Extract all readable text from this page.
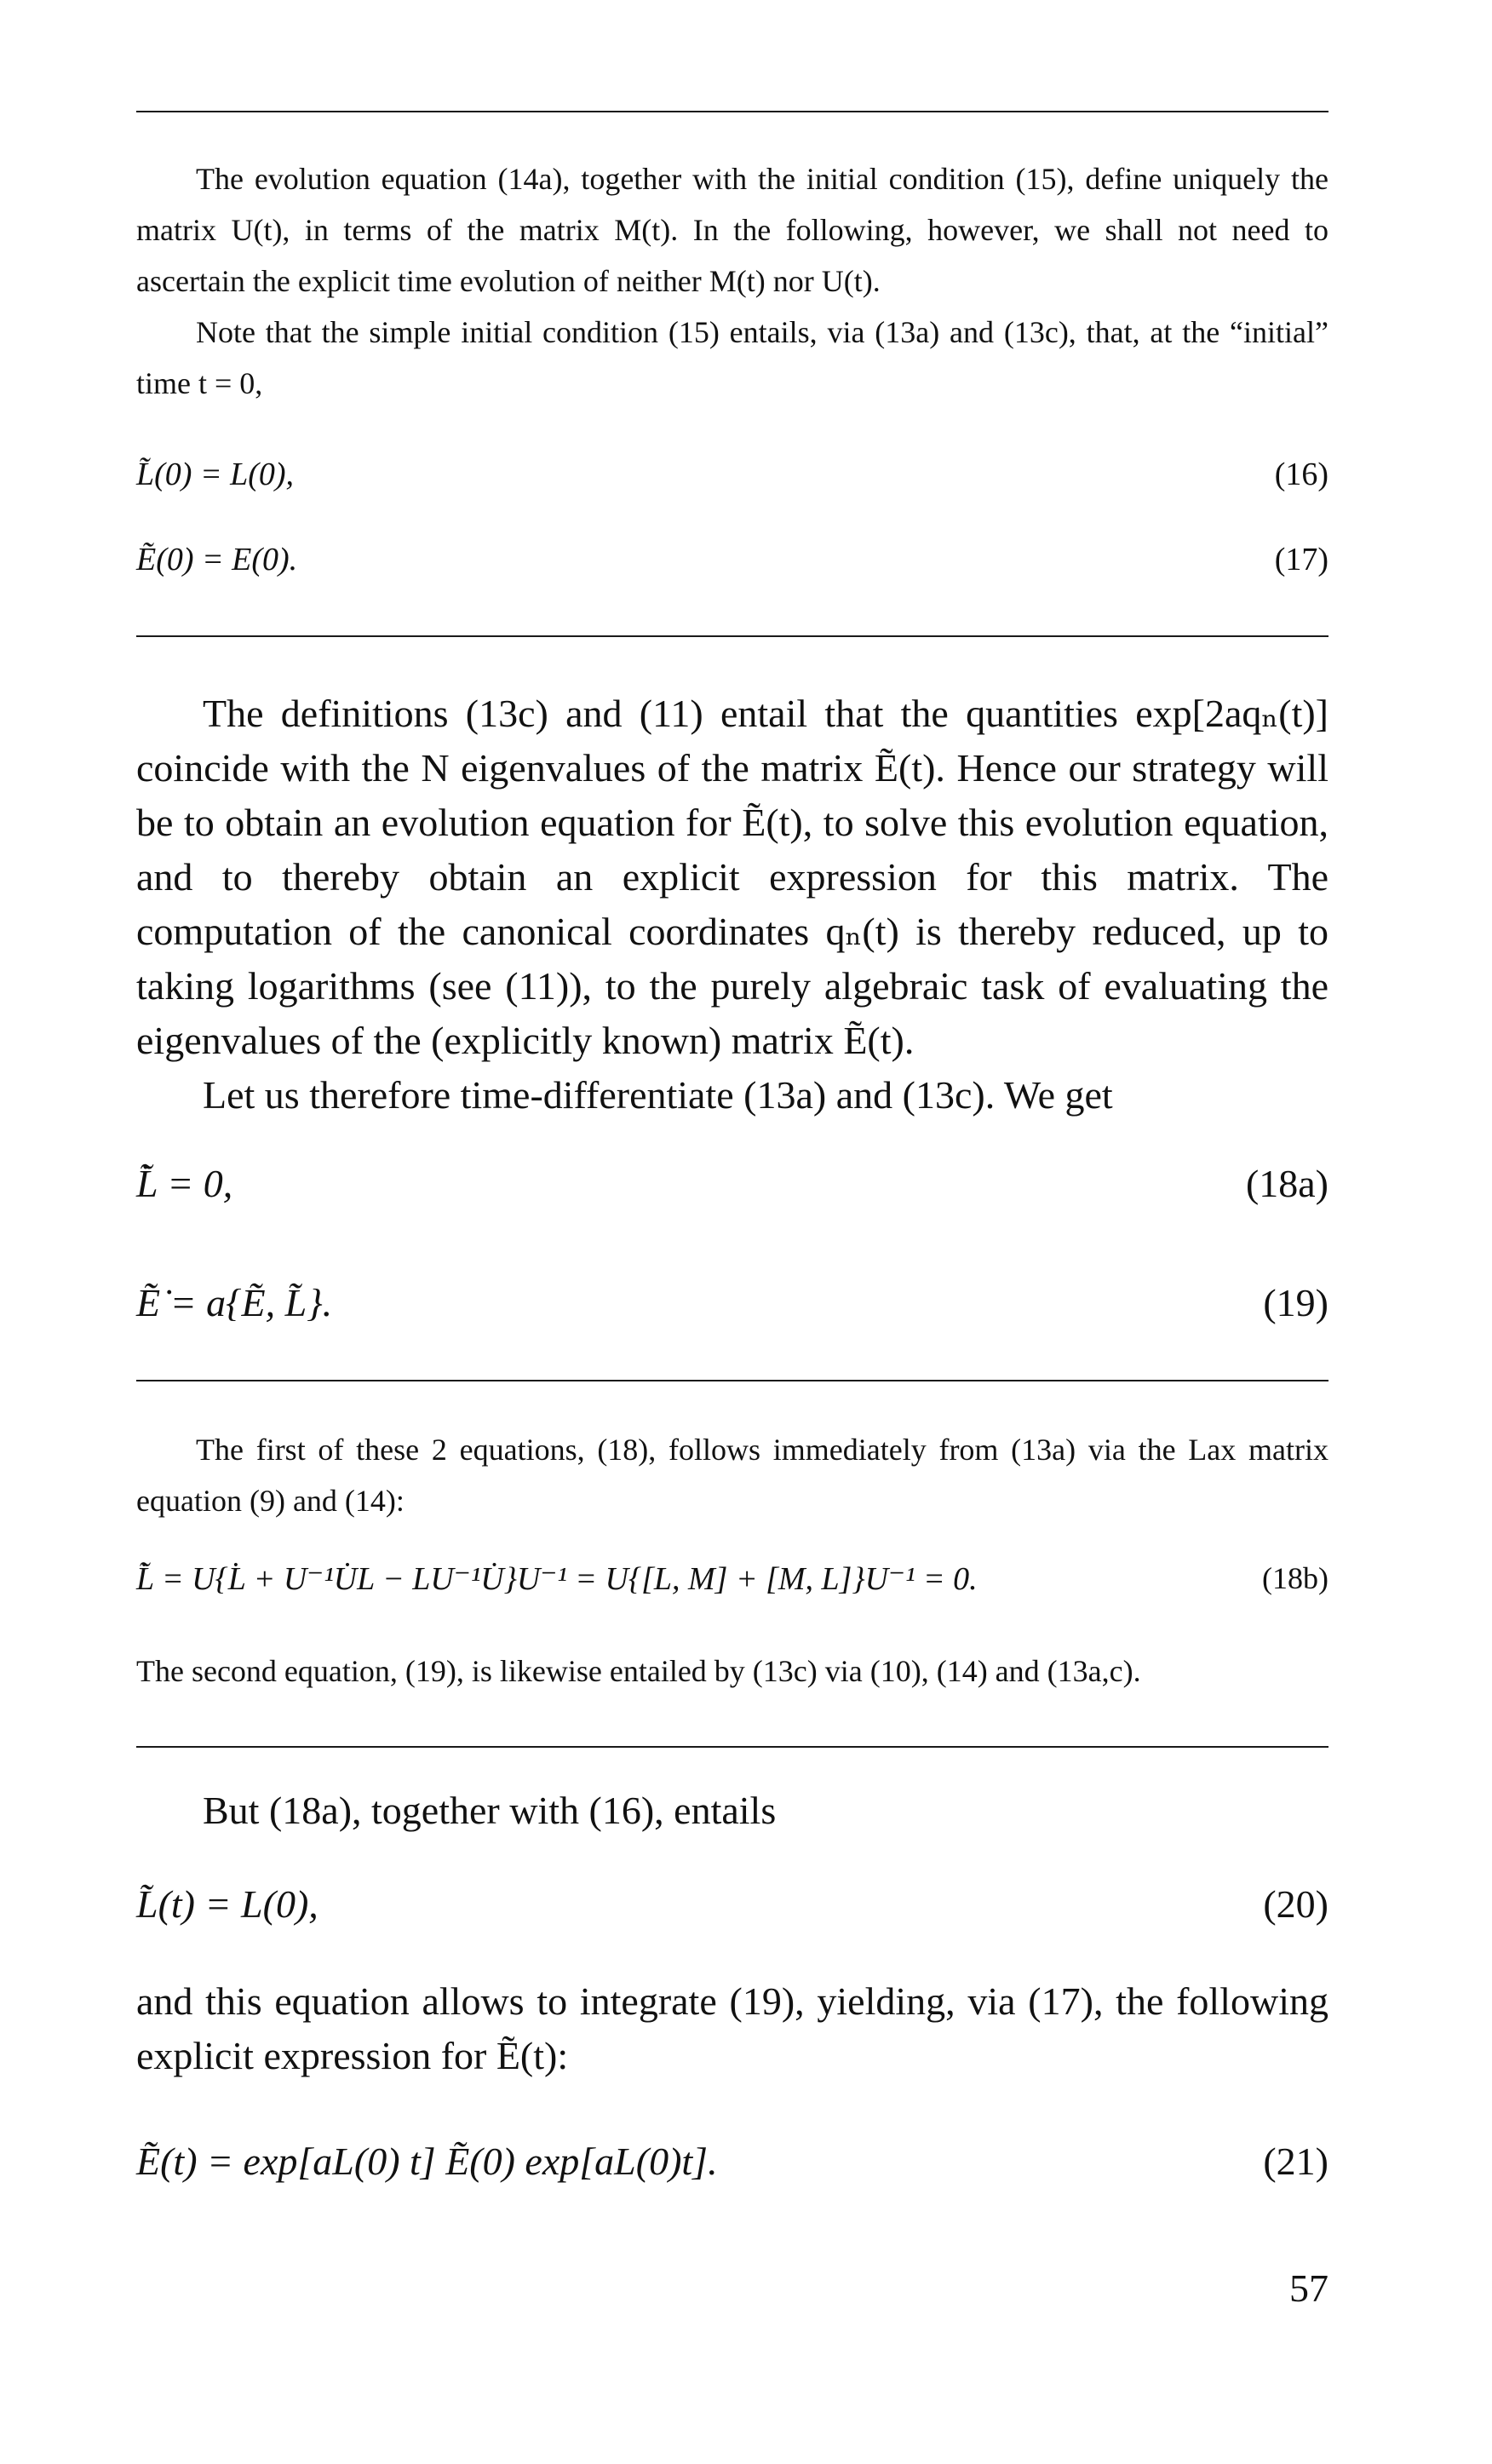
The evolution equation (14a), together with the initial condition (15), define uniquely the matrix U(t), in terms of the matrix M(t). In the following, however, we shall not need to ascertain the explicit time evolution of neither M(t) nor U(t).

Note that the simple initial condition (15) entails, via (13a) and (13c), that, at the “initial” time t = 0,

L̃(0) = L(0),	(16)
Ẽ(0) = E(0).	(17)

The definitions (13c) and (11) entail that the quantities exp[2aqₙ(t)] coincide with the N eigenvalues of the matrix Ẽ(t). Hence our strategy will be to obtain an evolution equation for Ẽ(t), to solve this evolution equation, and to thereby obtain an explicit expression for this matrix. The computation of the canonical coordinates qₙ(t) is thereby reduced, up to taking logarithms (see (11)), to the purely algebraic task of evaluating the eigenvalues of the (explicitly known) matrix Ẽ(t).

Let us therefore time-differentiate (13a) and (13c). We get

L̃̇ = 0,	(18a)
Ẽ̇ = a{Ẽ, L̃}.	(19)

The first of these 2 equations, (18), follows immediately from (13a) via the Lax matrix equation (9) and (14):

L̃̇ = U{L̇ + U⁻¹U̇L − LU⁻¹U̇}U⁻¹ = U{[L, M] + [M, L]}U⁻¹ = 0.	(18b)

The second equation, (19), is likewise entailed by (13c) via (10), (14) and (13a,c).

But (18a), together with (16), entails

L̃(t) = L(0),	(20)

and this equation allows to integrate (19), yielding, via (17), the following explicit expression for Ẽ(t):

Ẽ(t) = exp[aL(0) t] Ẽ(0) exp[aL(0)t].	(21)
57
